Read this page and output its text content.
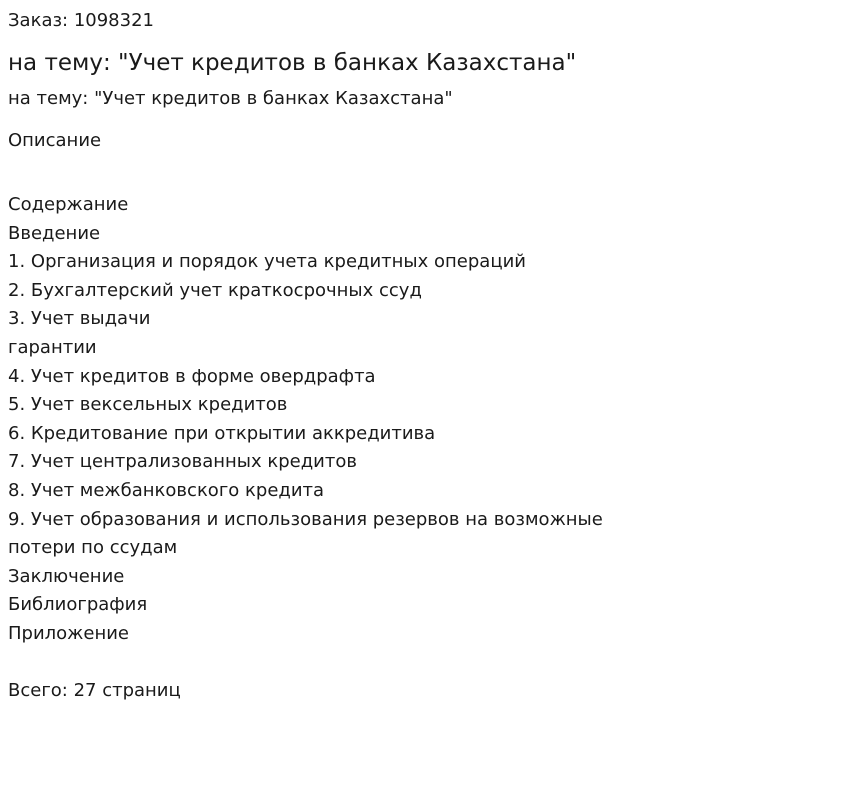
Заказ: 1098321

на тему: "Учет кредитов в банках Казахстана"

на тему: "Учет кредитов в банках Казахстана"

Описание

Содержание

Введение

1. Организация и порядок учета кредитных операций

2. Бухгалтерский учет краткосрочных ссуд

3. Учет выдачи

гарантии

4. Учет кредитов в форме овердрафта

5. Учет вексельных кредитов

6. Кредитование при открытии аккредитива

7. Учет централизованных кредитов

8. Учет межбанковского кредита

9. Учет образования и использования резервов на возможные

потери по ссудам

Заключение

Библиография

Приложение

Всего: 27 страниц
